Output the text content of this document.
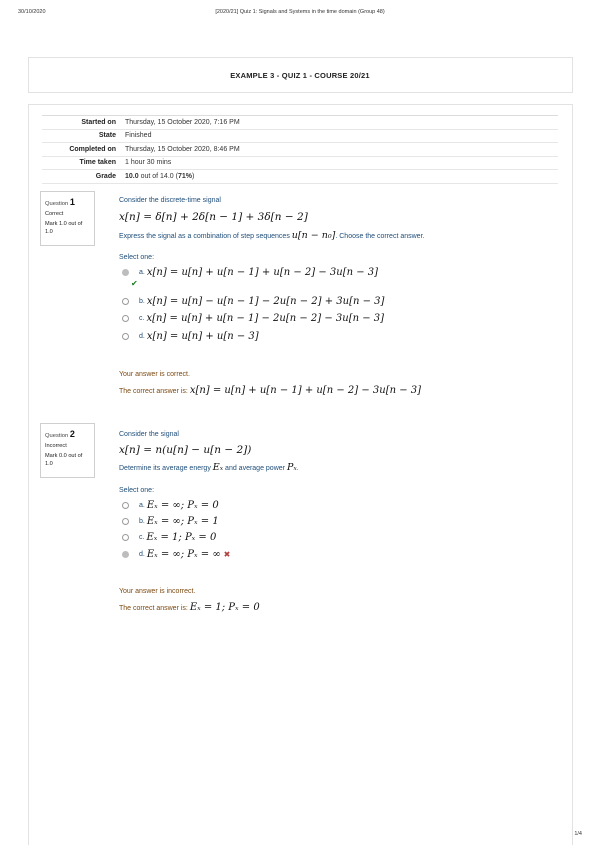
30/10/2020	[2020/21] Quiz 1: Signals and Systems in the time domain (Group 48)
EXAMPLE 3 - QUIZ 1 - COURSE 20/21
Started on	Thursday, 15 October 2020, 7:16 PM
State	Finished
Completed on	Thursday, 15 October 2020, 8:46 PM
Time taken	1 hour 30 mins
Grade	10.0 out of 14.0 (71%)
Question 1
Correct
Mark 1.0 out of 1.0
Consider the discrete-time signal
x[n] = δ[n] + 2δ[n − 1] + 3δ[n − 2]
Express the signal as a combination of step sequences u[n − n₀]. Choose the correct answer.
Select one:
a. x[n] = u[n] + u[n − 1] + u[n − 2] − 3u[n − 3]
✔
b. x[n] = u[n] − u[n − 1] − 2u[n − 2] + 3u[n − 3]
c. x[n] = u[n] + u[n − 1] − 2u[n − 2] − 3u[n − 3]
d. x[n] = u[n] + u[n − 3]
Your answer is correct.
The correct answer is: x[n] = u[n] + u[n − 1] + u[n − 2] − 3u[n − 3]
Question 2
Incorrect
Mark 0.0 out of 1.0
Consider the signal
x[n] = n(u[n] − u[n − 2])
Determine its average energy Eₓ and average power Pₓ.
Select one:
a. Eₓ = ∞; Pₓ = 0
b. Eₓ = ∞; Pₓ = 1
c. Eₓ = 1; Pₓ = 0
d. Eₓ = ∞; Pₓ = ∞ ✖
Your answer is incorrect.
The correct answer is: Eₓ = 1; Pₓ = 0
1/4
